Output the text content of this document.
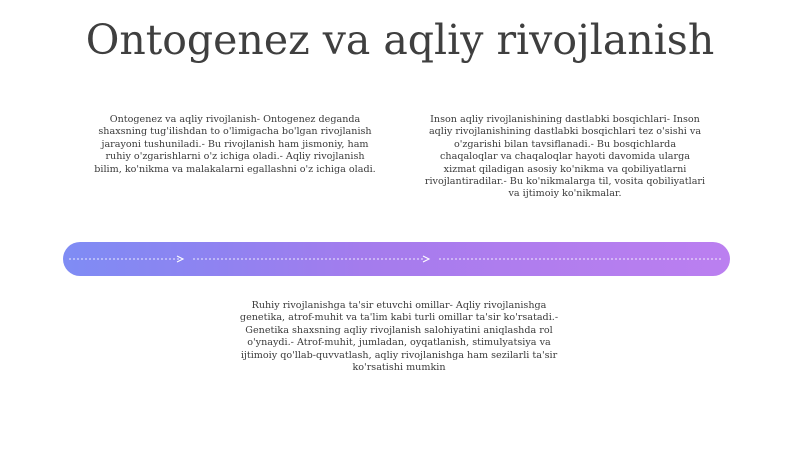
Ontogenez va aqliy rivojlanish

Ontogenez va aqliy rivojlanish- Ontogenez deganda shaxsning tug'ilishdan to o'limigacha bo'lgan rivojlanish jarayoni tushuniladi.- Bu rivojlanish ham jismoniy, ham ruhiy o'zgarishlarni o'z ichiga oladi.- Aqliy rivojlanish bilim, ko'nikma va malakalarni egallashni o'z ichiga oladi.

Inson aqliy rivojlanishining dastlabki bosqichlari- Inson aqliy rivojlanishining dastlabki bosqichlari tez o'sishi va o'zgarishi bilan tavsiflanadi.- Bu bosqichlarda chaqaloqlar va chaqaloqlar hayoti davomida ularga xizmat qiladigan asosiy ko'nikma va qobiliyatlarni rivojlantiradilar.- Bu ko'nikmalarga til, vosita qobiliyatlari va ijtimoiy ko'nikmalar.

Ruhiy rivojlanishga ta'sir etuvchi omillar- Aqliy rivojlanishga genetika, atrof-muhit va ta'lim kabi turli omillar ta'sir ko'rsatadi.- Genetika shaxsning aqliy rivojlanish salohiyatini aniqlashda rol o'ynaydi.- Atrof-muhit, jumladan, oyqatlanish, stimulyatsiya va ijtimoiy qo'llab-quvvatlash, aqliy rivojlanishga ham sezilarli ta'sir ko'rsatishi mumkin
